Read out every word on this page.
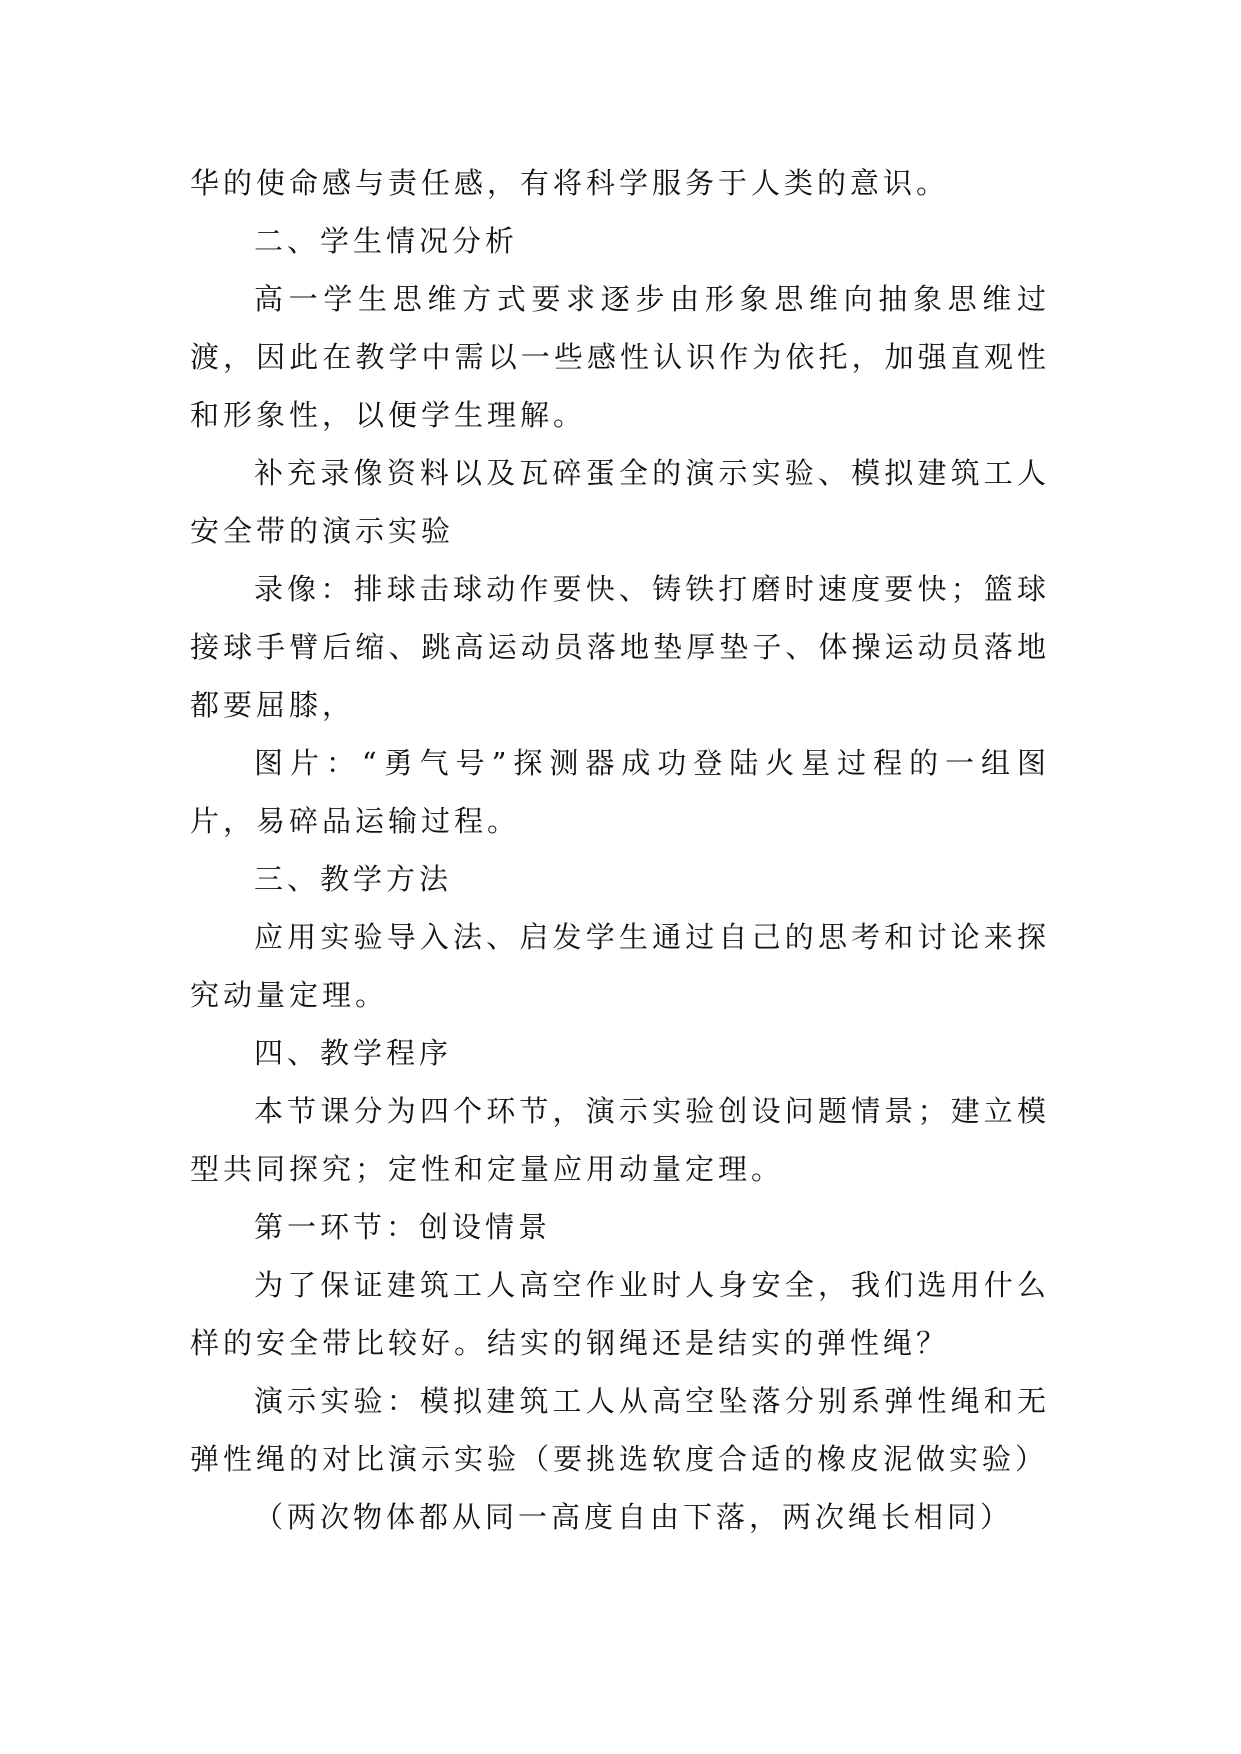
华的使命感与责任感，有将科学服务于人类的意识。

二、学生情况分析

高一学生思维方式要求逐步由形象思维向抽象思维过渡，因此在教学中需以一些感性认识作为依托，加强直观性和形象性，以便学生理解。

补充录像资料以及瓦碎蛋全的演示实验、模拟建筑工人安全带的演示实验

录像：排球击球动作要快、铸铁打磨时速度要快；篮球接球手臂后缩、跳高运动员落地垫厚垫子、体操运动员落地都要屈膝，

图片：“勇气号”探测器成功登陆火星过程的一组图片，易碎品运输过程。

三、教学方法

应用实验导入法、启发学生通过自己的思考和讨论来探究动量定理。

四、教学程序

本节课分为四个环节，演示实验创设问题情景；建立模型共同探究；定性和定量应用动量定理。

第一环节：创设情景

为了保证建筑工人高空作业时人身安全，我们选用什么样的安全带比较好。结实的钢绳还是结实的弹性绳？

演示实验：模拟建筑工人从高空坠落分别系弹性绳和无弹性绳的对比演示实验（要挑选软度合适的橡皮泥做实验）

（两次物体都从同一高度自由下落，两次绳长相同）
